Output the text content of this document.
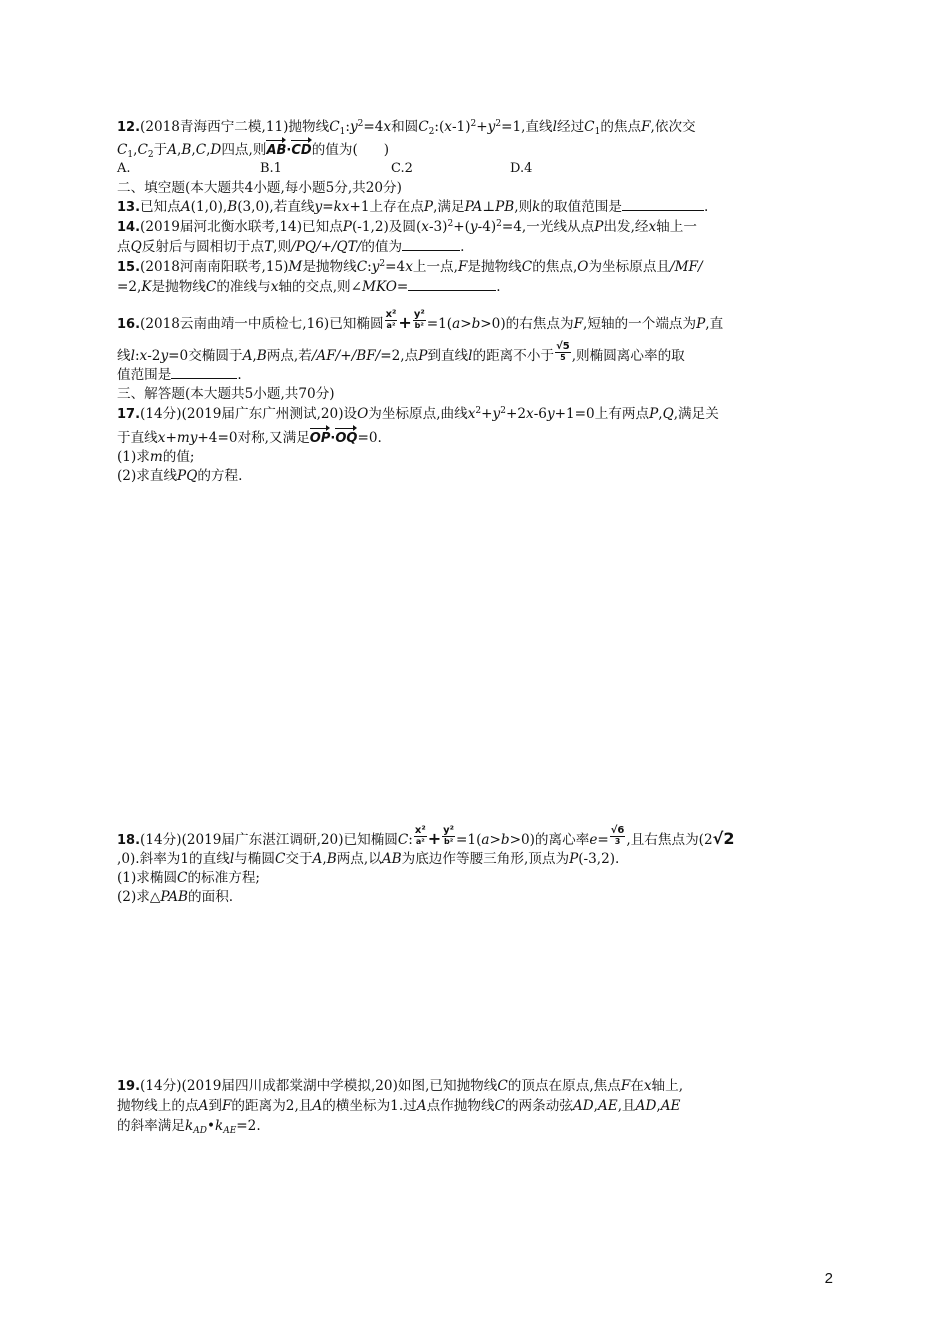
12.(2018青海西宁二模,11)抛物线$C_1:y^2=4x$和圆$C_2:(x-1)^2+y^2=1$,直线l经过$C_1$的焦点F,依次交
$C_1,C_2$于A,B,C,D四点,则AB·CD的值为(      )
A.	B.1	C.2	D.4
二、填空题(本大题共4小题,每小题5分,共20分)
13.已知点A(1,0),B(3,0),若直线y=kx+1上存在点P,满足PA⊥PB,则k的取值范围是	.
14.(2019届河北衡水联考,14)已知点P(-1,2)及圆$(x-3)^2+(y-4)^2=4$,一光线从点P出发,经x轴上一
点Q反射后与圆相切于点T,则/PQ/+/QT/的值为	.
15.(2018河南南阳联考,15)M是抛物线$C:y^2=4x$上一点,F是抛物线C的焦点,O为坐标原点且/MF/
=2,K是抛物线C的准线与x轴的交点,则∠MKO=	.
16.(2018云南曲靖一中质检七,16)已知椭圆 $\frac{\text{x²}}{\text{a²}} + \frac{\text{y²}}{\text{b²}} =1(a>b>0)$的右焦点为F,短轴的一个端点为P,直
线l:x-2y=0交椭圆于A,B两点,若/AF/+/BF/=2,点P到直线l的距离不小于 $\frac{√5}{5}$ ,则椭圆离心率的取
值范围是	.
三、解答题(本大题共5小题,共70分)
17.(14分)(2019届广东广州测试,20)设O为坐标原点,曲线$x^2+y^2+2x-6y+1=0$上有两点P,Q,满足关
于直线x+my+4=0对称,又满足OP·OQ=0.
(1)求m的值;
(2)求直线PQ的方程.
18.(14分)(2019届广东湛江调研,20)已知椭圆C: $\frac{\text{x²}}{\text{a²}} + \frac{\text{y²}}{\text{b²}} =1(a>b>0)$的离心率$e= \frac{√6}{3}$ ,且右焦点为(2√2
,0).斜率为1的直线l与椭圆C交于A,B两点,以AB为底边作等腰三角形,顶点为P(-3,2).
(1)求椭圆C的标准方程;
(2)求△PAB的面积.
19.(14分)(2019届四川成都棠湖中学模拟,20)如图,已知抛物线C的顶点在原点,焦点F在x轴上,
抛物线上的点A到F的距离为2,且A的横坐标为1.过A点作抛物线C的两条动弦AD,AE,且AD,AE
的斜率满足$k_{AD}•k_{AE}=2$.
2
